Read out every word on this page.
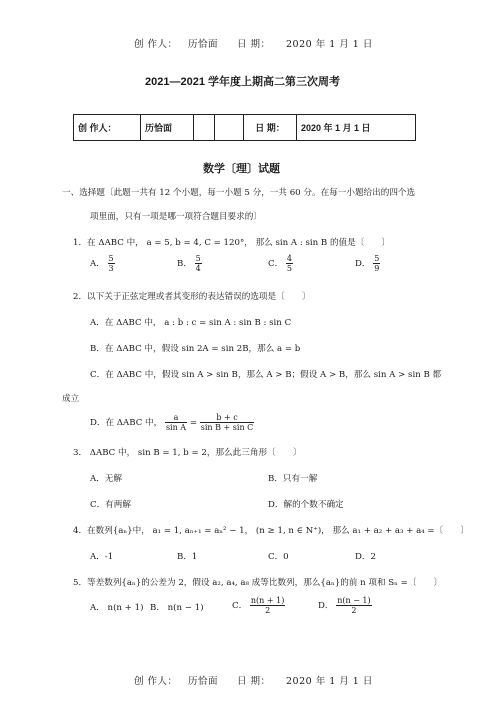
创 作人： 历恰面 日 期： 2020 年 1 月 1 日
2021—2021 学年度上期高二第三次周考
创 作人：	历恰面			日 期：	2020 年 1 月 1 日
数学〔理〕试题
一、选择题〔此题一共有 12 个小题，每一小题 5 分，一共 60 分。在每一小题给出的四个选
项里面，只有一项是哪一项符合题目要求的〕
1．在 ΔABC 中， a = 5, b = 4, C = 120°， 那么 sin A : sin B 的值是〔　　〕
A． $\frac{5}{3}$	B． $\frac{5}{4}$	C． $\frac{4}{5}$	D． $\frac{5}{9}$
2．以下关于正弦定理或者其变形的表达错误的选项是〔　　〕
A．在 ΔABC 中， a : b : c = sin A : sin B : sin C
B．在 ΔABC 中，假设 sin 2A = sin 2B，那么 a = b
C．在 ΔABC 中，假设 sin A > sin B，那么 A > B；假设 A > B，那么 sin A > sin B 都
成立
D．在 ΔABC 中， $\frac{a}{\text{sin A}} = \frac{b + c}{\text{sin B + sin C}}$
3． ΔABC 中， sin B = 1, b = 2，那么此三角形〔　　〕
A．无解	B．只有一解
C．有两解	D．解的个数不确定
4．在数列{aₙ}中， a₁ = 1, aₙ₊₁ = aₙ² − 1， (n ≥ 1, n ∈ N⁺)， 那么 a₁ + a₂ + a₃ + a₄ =〔　　〕
A．-1	B．1	C．0	D．2
5．等差数列{aₙ}的公差为 2，假设 a₂, a₄, a₈ 成等比数列，那么{aₙ}的前 n 项和 Sₙ =〔　　〕
A． n(n + 1) B． n(n − 1)	C． $\frac{n(n + 1)}{2}$	D． $\frac{n(n - 1)}{2}$
创 作人： 历恰面 日 期： 2020 年 1 月 1 日
